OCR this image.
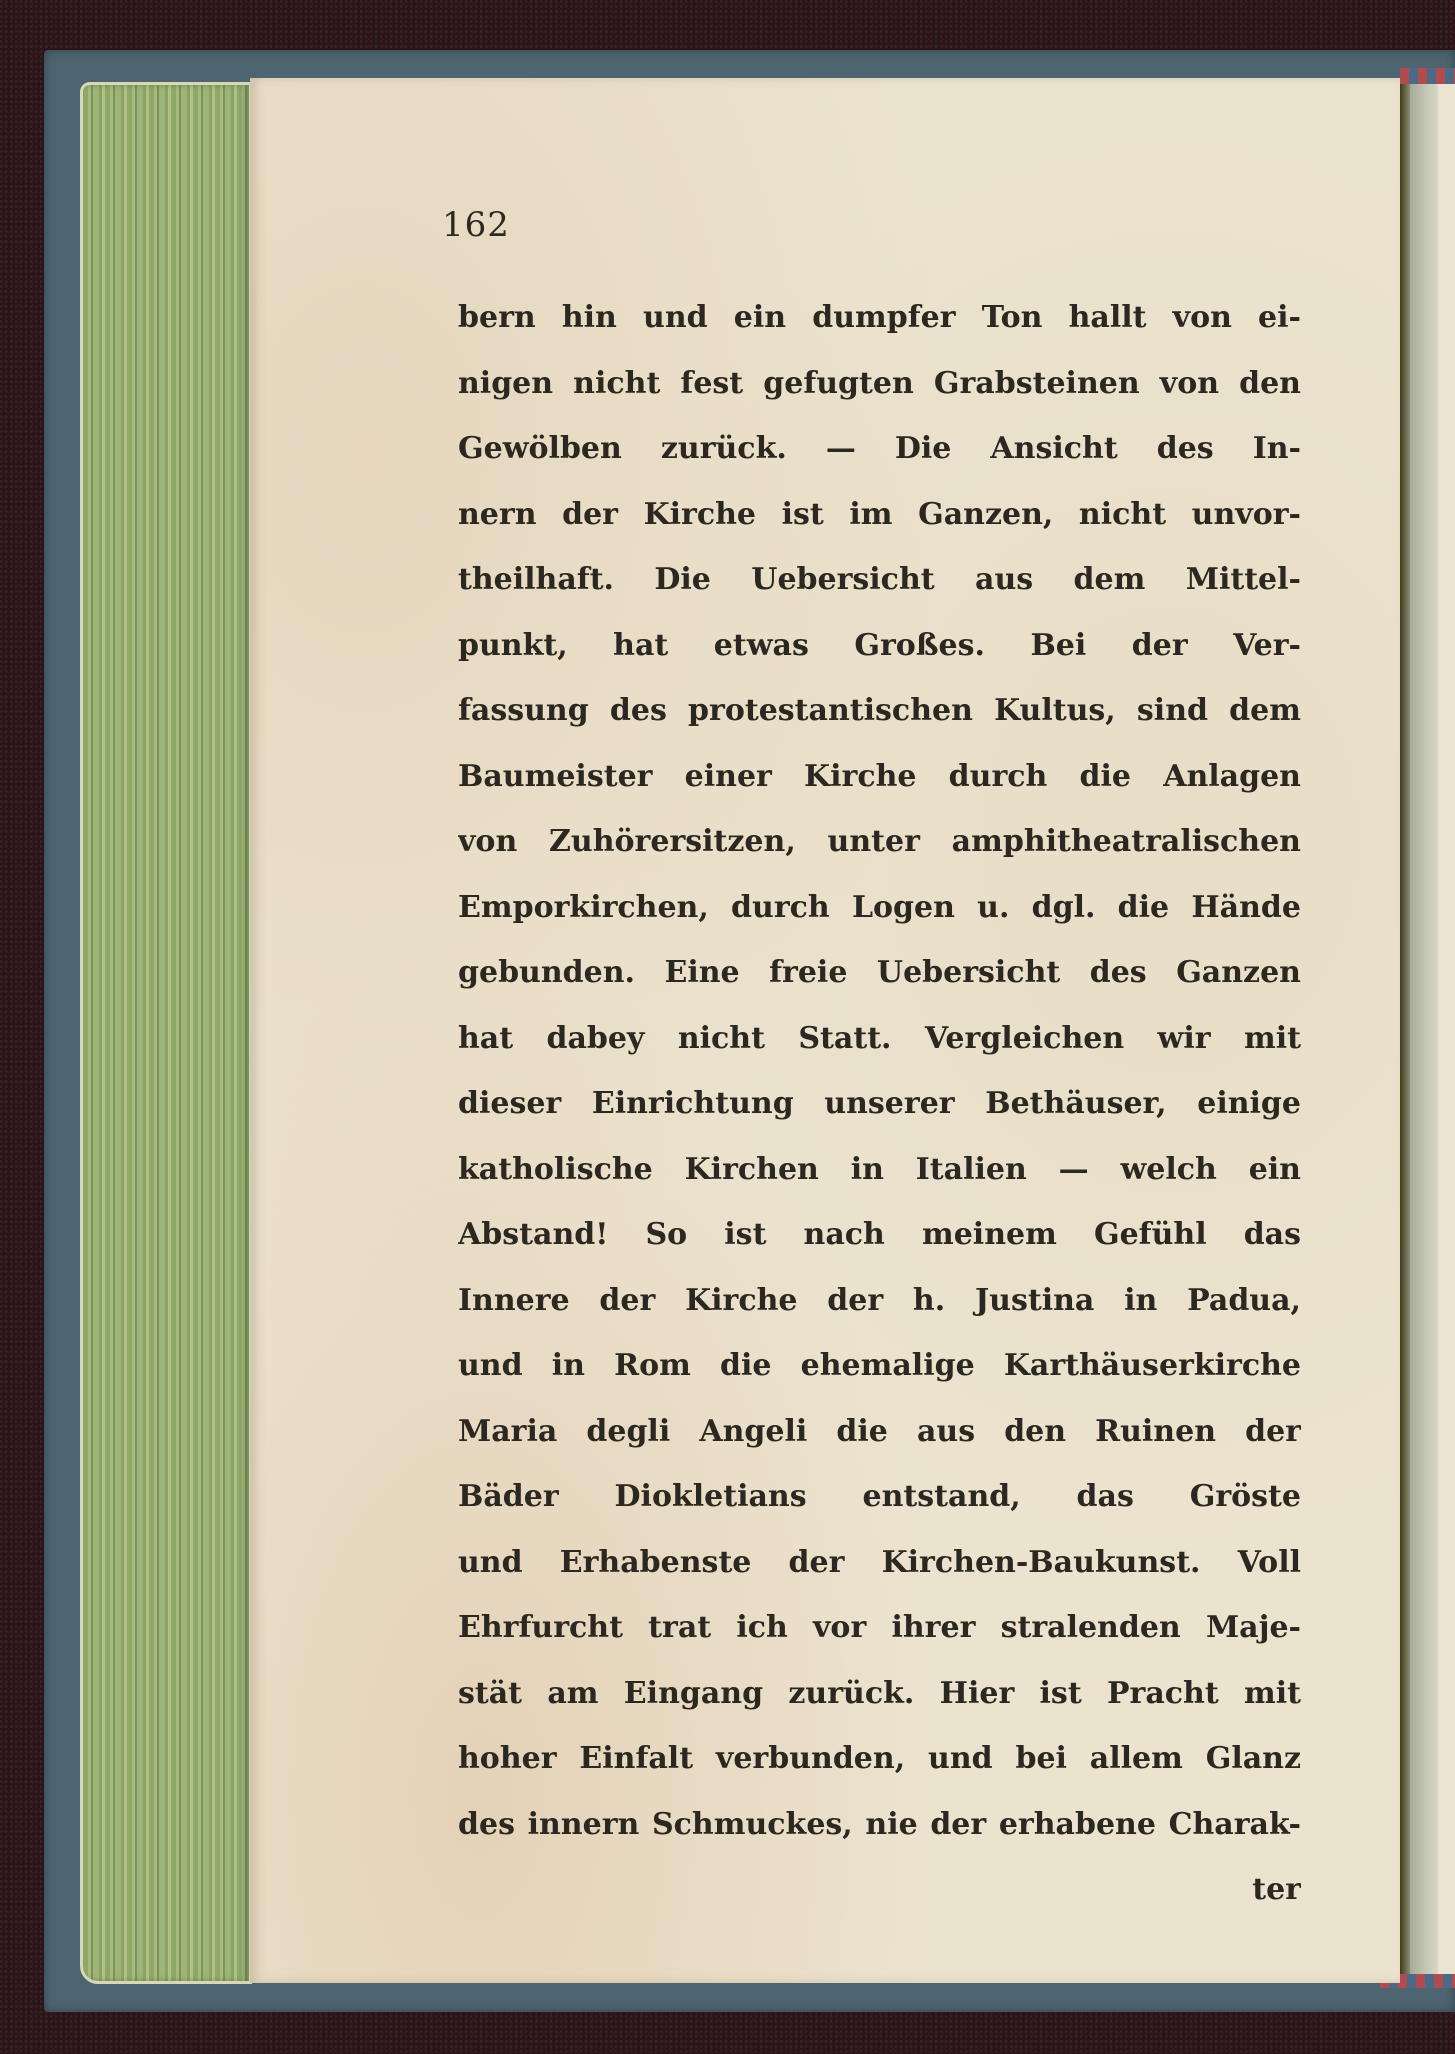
162
bern hin und ein dumpfer Ton hallt von ei-
nigen nicht fest gefugten Grabsteinen von den
Gewölben zurück. — Die Ansicht des In-
nern der Kirche ist im Ganzen, nicht unvor-
theilhaft. Die Uebersicht aus dem Mittel-
punkt, hat etwas Großes. Bei der Ver-
fassung des protestantischen Kultus, sind dem
Baumeister einer Kirche durch die Anlagen
von Zuhörersitzen, unter amphitheatralischen
Emporkirchen, durch Logen u. dgl. die Hände
gebunden. Eine freie Uebersicht des Ganzen
hat dabey nicht Statt. Vergleichen wir mit
dieser Einrichtung unserer Bethäuser, einige
katholische Kirchen in Italien — welch ein
Abstand! So ist nach meinem Gefühl das
Innere der Kirche der h. Justina in Padua,
und in Rom die ehemalige Karthäuserkirche
Maria degli Angeli die aus den Ruinen der
Bäder Diokletians entstand, das Gröste
und Erhabenste der Kirchen-Baukunst. Voll
Ehrfurcht trat ich vor ihrer stralenden Maje-
stät am Eingang zurück. Hier ist Pracht mit
hoher Einfalt verbunden, und bei allem Glanz
des innern Schmuckes, nie der erhabene Charak-
ter
